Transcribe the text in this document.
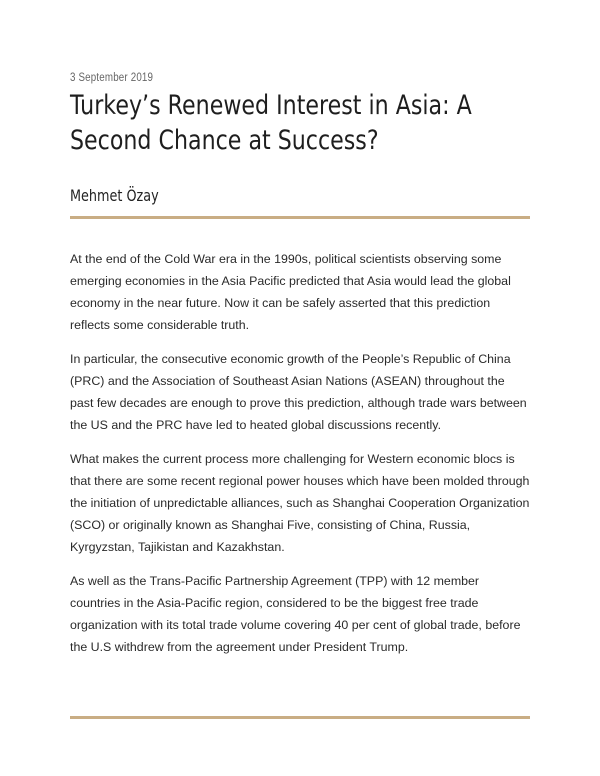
3 September 2019
Turkey’s Renewed Interest in Asia: A Second Chance at Success?
Mehmet Özay

At the end of the Cold War era in the 1990s, political scientists observing some emerging economies in the Asia Pacific predicted that Asia would lead the global economy in the near future. Now it can be safely asserted that this prediction reflects some considerable truth.

In particular, the consecutive economic growth of the People’s Republic of China (PRC) and the Association of Southeast Asian Nations (ASEAN) throughout the past few decades are enough to prove this prediction, although trade wars between the US and the PRC have led to heated global discussions recently.

What makes the current process more challenging for Western economic blocs is that there are some recent regional power houses which have been molded through the initiation of unpredictable alliances, such as Shanghai Cooperation Organization (SCO) or originally known as Shanghai Five, consisting of China, Russia, Kyrgyzstan, Tajikistan and Kazakhstan.

As well as the Trans-Pacific Partnership Agreement (TPP) with 12 member countries in the Asia-Pacific region, considered to be the biggest free trade organization with its total trade volume covering 40 per cent of global trade, before the U.S withdrew from the agreement under President Trump.
